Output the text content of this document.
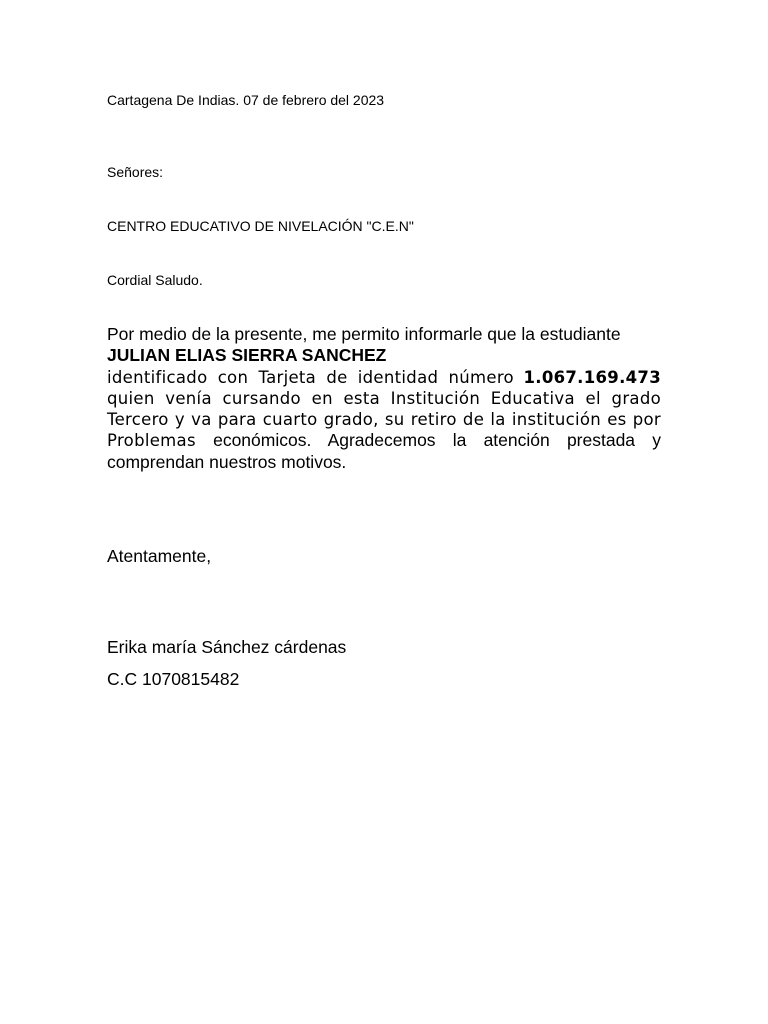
Cartagena De Indias. 07 de febrero del 2023

Señores:

CENTRO EDUCATIVO DE NIVELACIÓN "C.E.N"

Cordial Saludo.

Por medio de la presente, me permito informarle que la estudiante
JULIAN ELIAS SIERRA SANCHEZ
identificado con Tarjeta de identidad número 1.067.169.473 quien venía cursando en esta Institución Educativa el grado Tercero y va para cuarto grado, su retiro de la institución es por Problemas económicos. Agradecemos la atención prestada y comprendan nuestros motivos.

Atentamente,

Erika maría Sánchez cárdenas

C.C 1070815482
